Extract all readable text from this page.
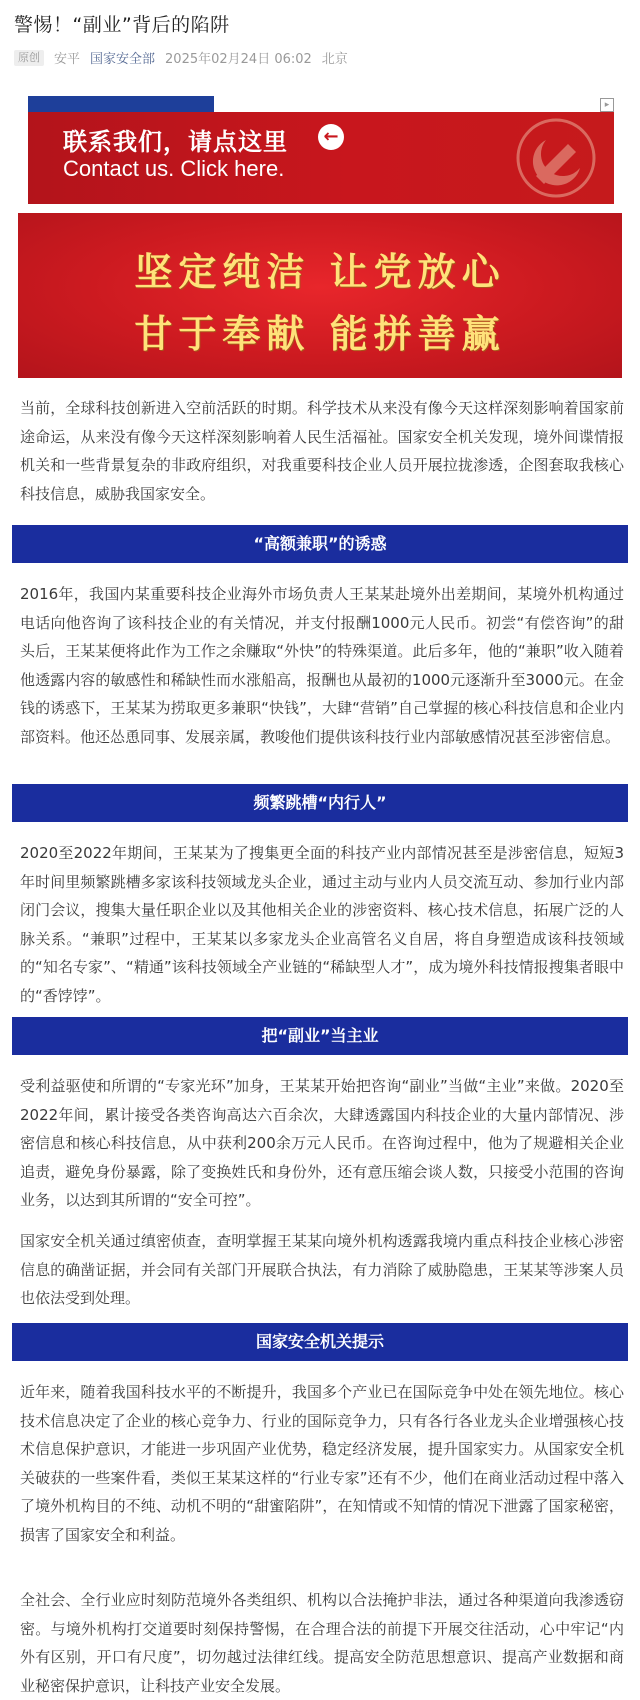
警惕！“副业”背后的陷阱
原创	安平 国家安全部 2025年02月24日 06:02 北京
▸
联系我们，请点这里	←
Contact us. Click here.
坚定纯洁 让党放心
甘于奉献 能拼善赢
当前，全球科技创新进入空前活跃的时期。科学技术从来没有像今天这样深刻影响着国家前途命运，从来没有像今天这样深刻影响着人民生活福祉。国家安全机关发现，境外间谍情报机关和一些背景复杂的非政府组织，对我重要科技企业人员开展拉拢渗透，企图套取我核心科技信息，威胁我国家安全。
“高额兼职”的诱惑
2016年，我国内某重要科技企业海外市场负责人王某某赴境外出差期间，某境外机构通过电话向他咨询了该科技企业的有关情况，并支付报酬1000元人民币。初尝“有偿咨询”的甜头后，王某某便将此作为工作之余赚取“外快”的特殊渠道。此后多年，他的“兼职”收入随着他透露内容的敏感性和稀缺性而水涨船高，报酬也从最初的1000元逐渐升至3000元。在金钱的诱惑下，王某某为捞取更多兼职“快钱”，大肆“营销”自己掌握的核心科技信息和企业内部资料。他还怂恿同事、发展亲属，教唆他们提供该科技行业内部敏感情况甚至涉密信息。
频繁跳槽“内行人”
2020至2022年期间，王某某为了搜集更全面的科技产业内部情况甚至是涉密信息，短短3年时间里频繁跳槽多家该科技领域龙头企业，通过主动与业内人员交流互动、参加行业内部闭门会议，搜集大量任职企业以及其他相关企业的涉密资料、核心技术信息，拓展广泛的人脉关系。“兼职”过程中，王某某以多家龙头企业高管名义自居，将自身塑造成该科技领域的“知名专家”、“精通”该科技领域全产业链的“稀缺型人才”，成为境外科技情报搜集者眼中的“香饽饽”。
把“副业”当主业
受利益驱使和所谓的“专家光环”加身，王某某开始把咨询“副业”当做“主业”来做。2020至2022年间，累计接受各类咨询高达六百余次，大肆透露国内科技企业的大量内部情况、涉密信息和核心科技信息，从中获利200余万元人民币。在咨询过程中，他为了规避相关企业追责，避免身份暴露，除了变换姓氏和身份外，还有意压缩会谈人数，只接受小范围的咨询业务，以达到其所谓的“安全可控”。
国家安全机关通过缜密侦查，查明掌握王某某向境外机构透露我境内重点科技企业核心涉密信息的确凿证据，并会同有关部门开展联合执法，有力消除了威胁隐患，王某某等涉案人员也依法受到处理。
国家安全机关提示
近年来，随着我国科技水平的不断提升，我国多个产业已在国际竞争中处在领先地位。核心技术信息决定了企业的核心竞争力、行业的国际竞争力，只有各行各业龙头企业增强核心技术信息保护意识，才能进一步巩固产业优势，稳定经济发展，提升国家实力。从国家安全机关破获的一些案件看，类似王某某这样的“行业专家”还有不少，他们在商业活动过程中落入了境外机构目的不纯、动机不明的“甜蜜陷阱”，在知情或不知情的情况下泄露了国家秘密，损害了国家安全和利益。
全社会、全行业应时刻防范境外各类组织、机构以合法掩护非法，通过各种渠道向我渗透窃密。与境外机构打交道要时刻保持警惕，在合理合法的前提下开展交往活动，心中牢记“内外有区别，开口有尺度”，切勿越过法律红线。提高安全防范思想意识、提高产业数据和商业秘密保护意识，让科技产业安全发展。
